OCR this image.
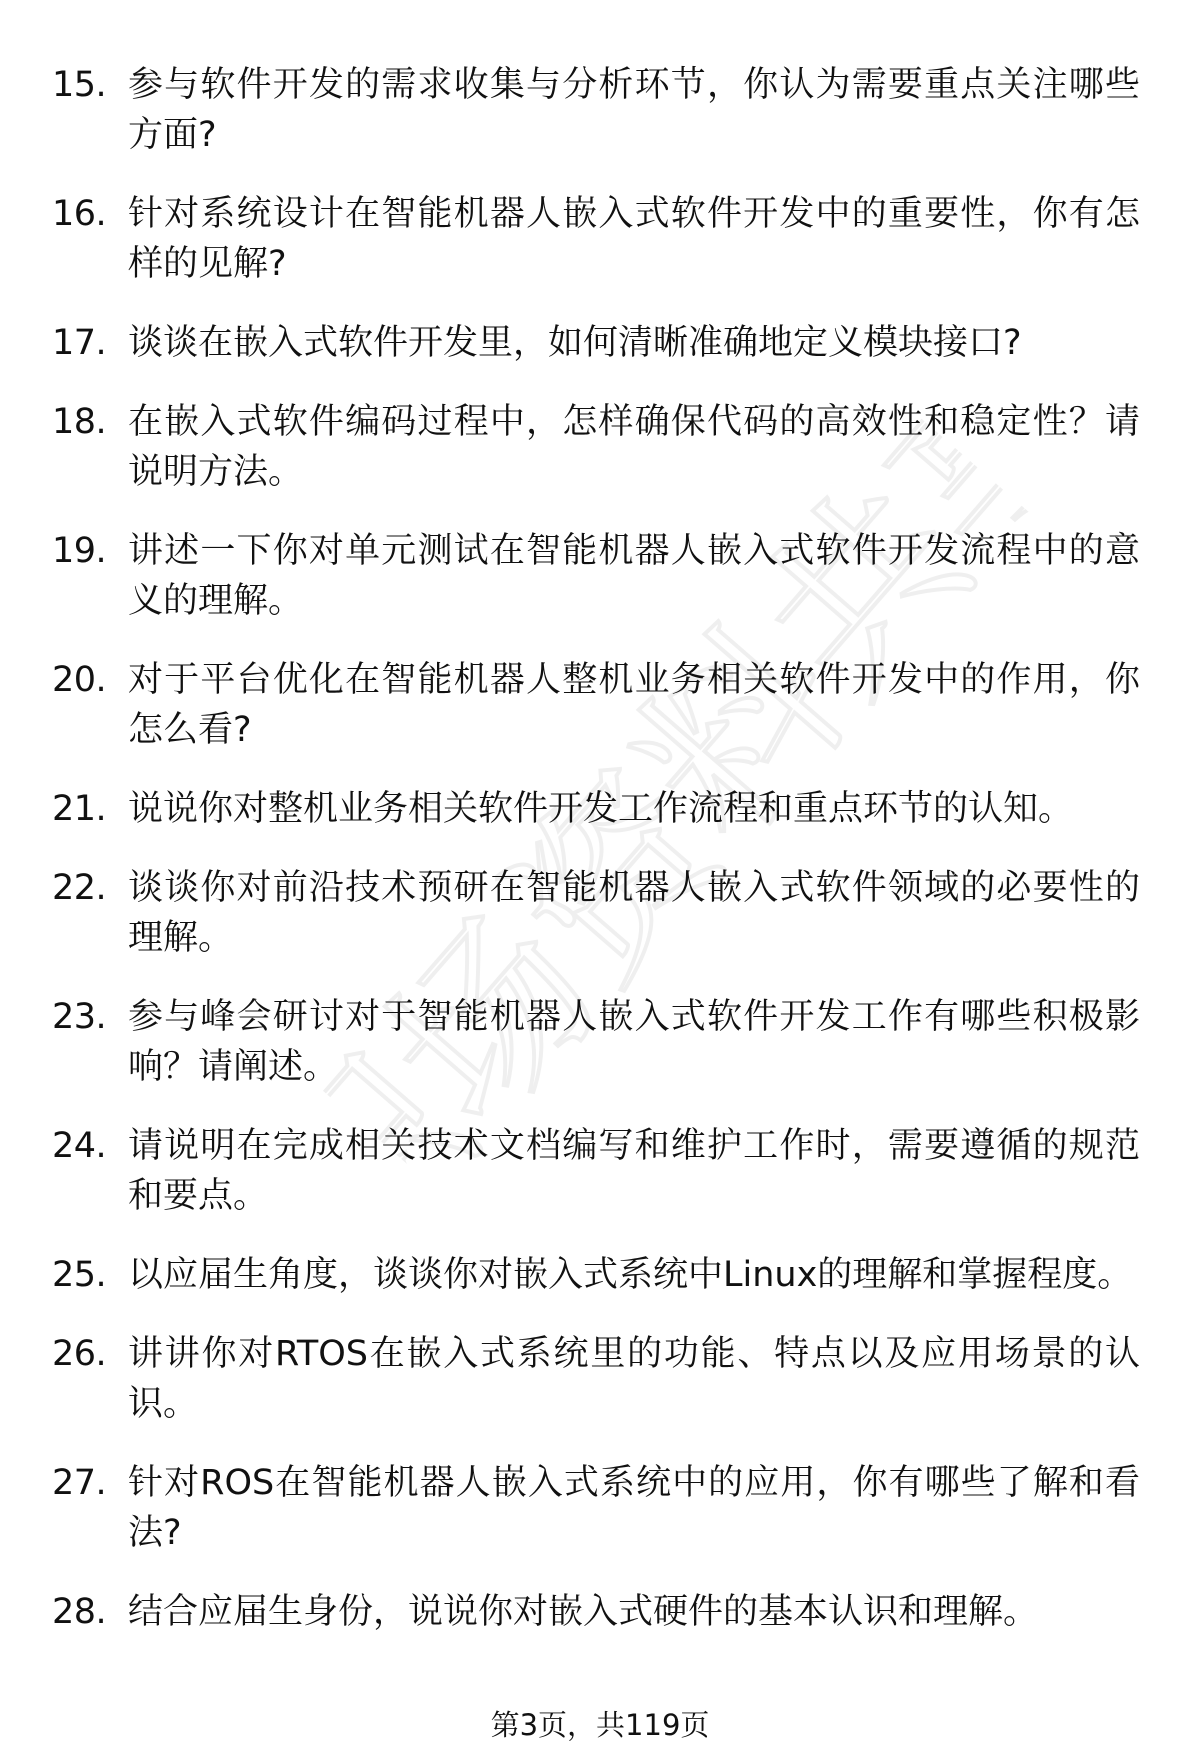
职场资料共享
15. 参与软件开发的需求收集与分析环节，你认为需要重点关注哪些方面?
16. 针对系统设计在智能机器人嵌入式软件开发中的重要性，你有怎样的见解?
17. 谈谈在嵌入式软件开发里，如何清晰准确地定义模块接口?
18. 在嵌入式软件编码过程中，怎样确保代码的高效性和稳定性？请说明方法。
19. 讲述一下你对单元测试在智能机器人嵌入式软件开发流程中的意义的理解。
20. 对于平台优化在智能机器人整机业务相关软件开发中的作用，你怎么看?
21. 说说你对整机业务相关软件开发工作流程和重点环节的认知。
22. 谈谈你对前沿技术预研在智能机器人嵌入式软件领域的必要性的理解。
23. 参与峰会研讨对于智能机器人嵌入式软件开发工作有哪些积极影响？请阐述。
24. 请说明在完成相关技术文档编写和维护工作时，需要遵循的规范和要点。
25. 以应届生角度，谈谈你对嵌入式系统中Linux的理解和掌握程度。
26. 讲讲你对RTOS在嵌入式系统里的功能、特点以及应用场景的认识。
27. 针对ROS在智能机器人嵌入式系统中的应用，你有哪些了解和看法?
28. 结合应届生身份，说说你对嵌入式硬件的基本认识和理解。
第3页，共119页
